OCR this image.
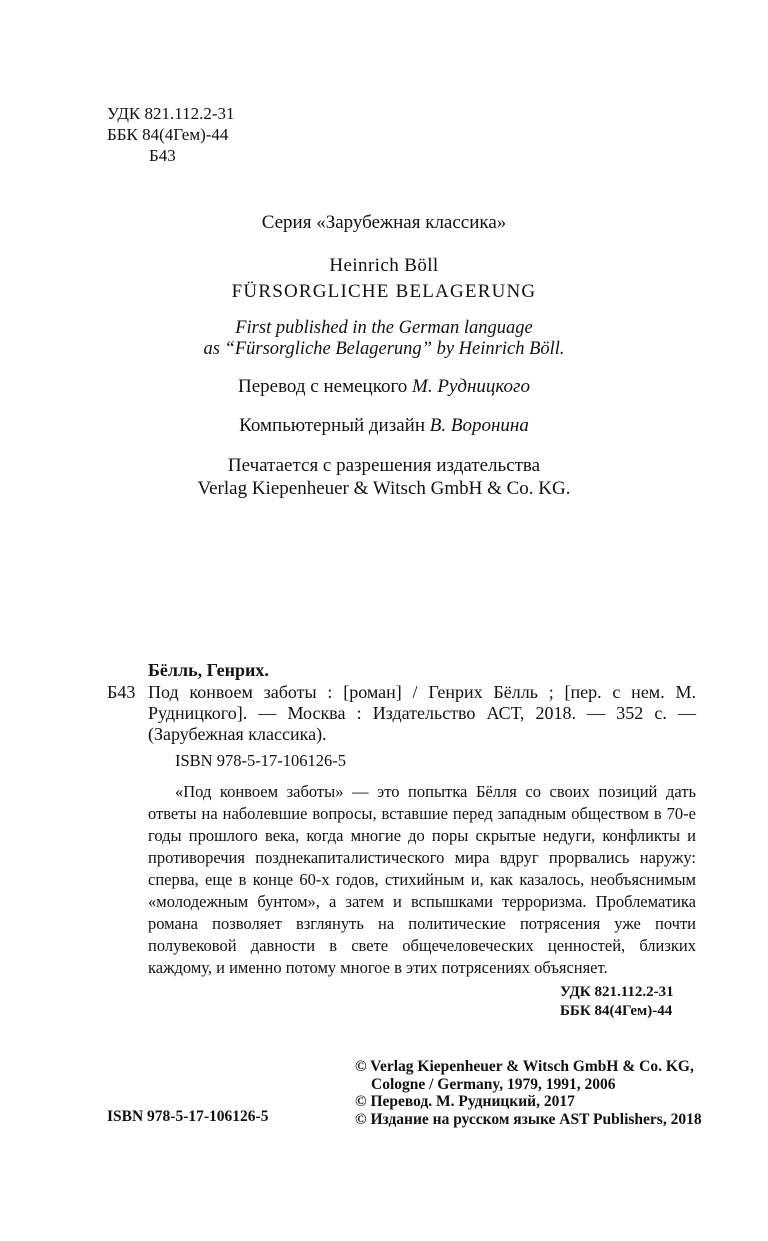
УДК 821.112.2-31
ББК 84(4Гем)-44
Б43
Серия «Зарубежная классика»
Heinrich Böll
FÜRSORGLICHE BELAGERUNG
First published in the German language
as “Fürsorgliche Belagerung” by Heinrich Böll.
Перевод с немецкого М. Рудницкого
Компьютерный дизайн В. Воронина
Печатается с разрешения издательства
Verlag Kiepenheuer & Witsch GmbH & Co. KG.
Бёлль, Генрих.
Б43 Под конвоем заботы : [роман] / Генрих Бёлль ; [пер. с нем. М. Рудницкого]. — Москва : Издательство АСТ, 2018. — 352 с. — (Зарубежная классика).
ISBN 978-5-17-106126-5
«Под конвоем заботы» — это попытка Бёлля со своих позиций дать ответы на наболевшие вопросы, вставшие перед западным обществом в 70-е годы прошлого века, когда многие до поры скрытые недуги, конфликты и противоречия позднекапиталистического мира вдруг прорвались наружу: сперва, еще в конце 60-х годов, стихийным и, как казалось, необъяснимым «молодежным бунтом», а затем и вспышками терроризма. Проблематика романа позволяет взглянуть на политические потрясения уже почти полувековой давности в свете общечеловеческих ценностей, близких каждому, и именно потому многое в этих потрясениях объясняет.
УДК 821.112.2-31
ББК 84(4Гем)-44
ISBN 978-5-17-106126-5
© Verlag Kiepenheuer & Witsch GmbH & Co. KG,
Cologne / Germany, 1979, 1991, 2006
© Перевод. М. Рудницкий, 2017
© Издание на русском языке AST Publishers, 2018
